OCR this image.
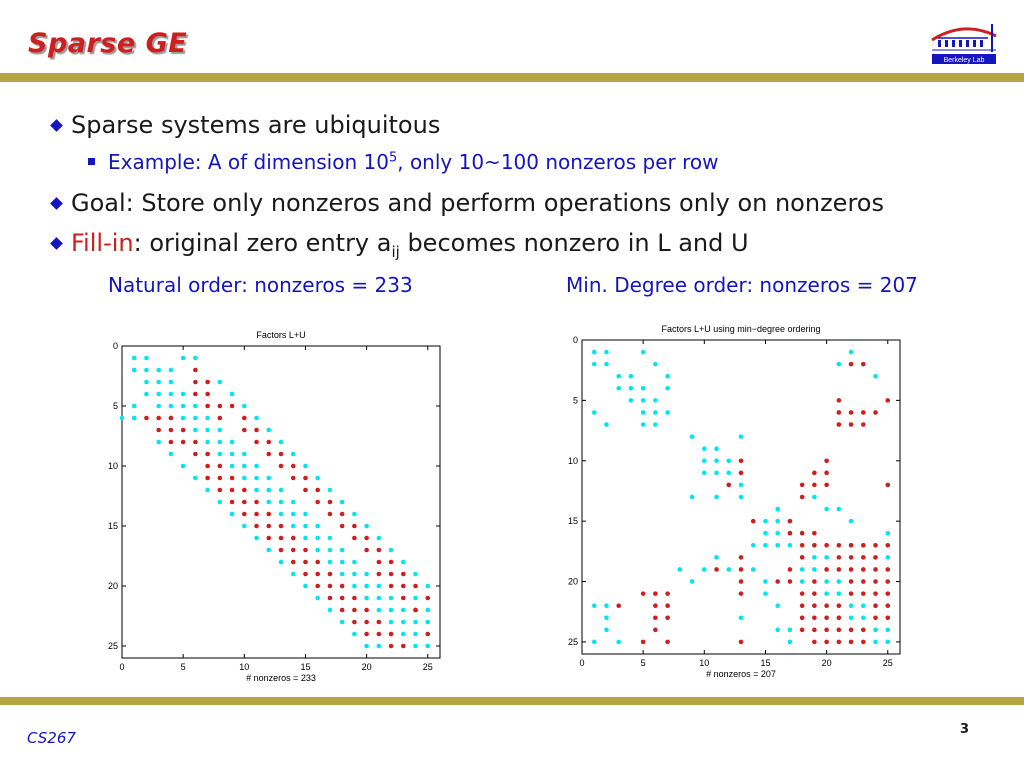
Sparse GE
Berkeley Lab
Sparse systems are ubiquitous
Example: A of dimension $10^5$, only 10~100 nonzeros per row
Goal: Store only nonzeros and perform operations only on nonzeros
Fill-in: original zero entry $a_{ij}$ becomes nonzero in L and U
Natural order: nonzeros = 233	Min. Degree order: nonzeros = 207
Factors L+U
0	5	10	15	20	25
0
5
10
15
20
25
# nonzeros = 233
Factors L+U using min−degree ordering
0	5	10	15	20	25
0
5
10
15
20
25
# nonzeros = 207
CS267	3
